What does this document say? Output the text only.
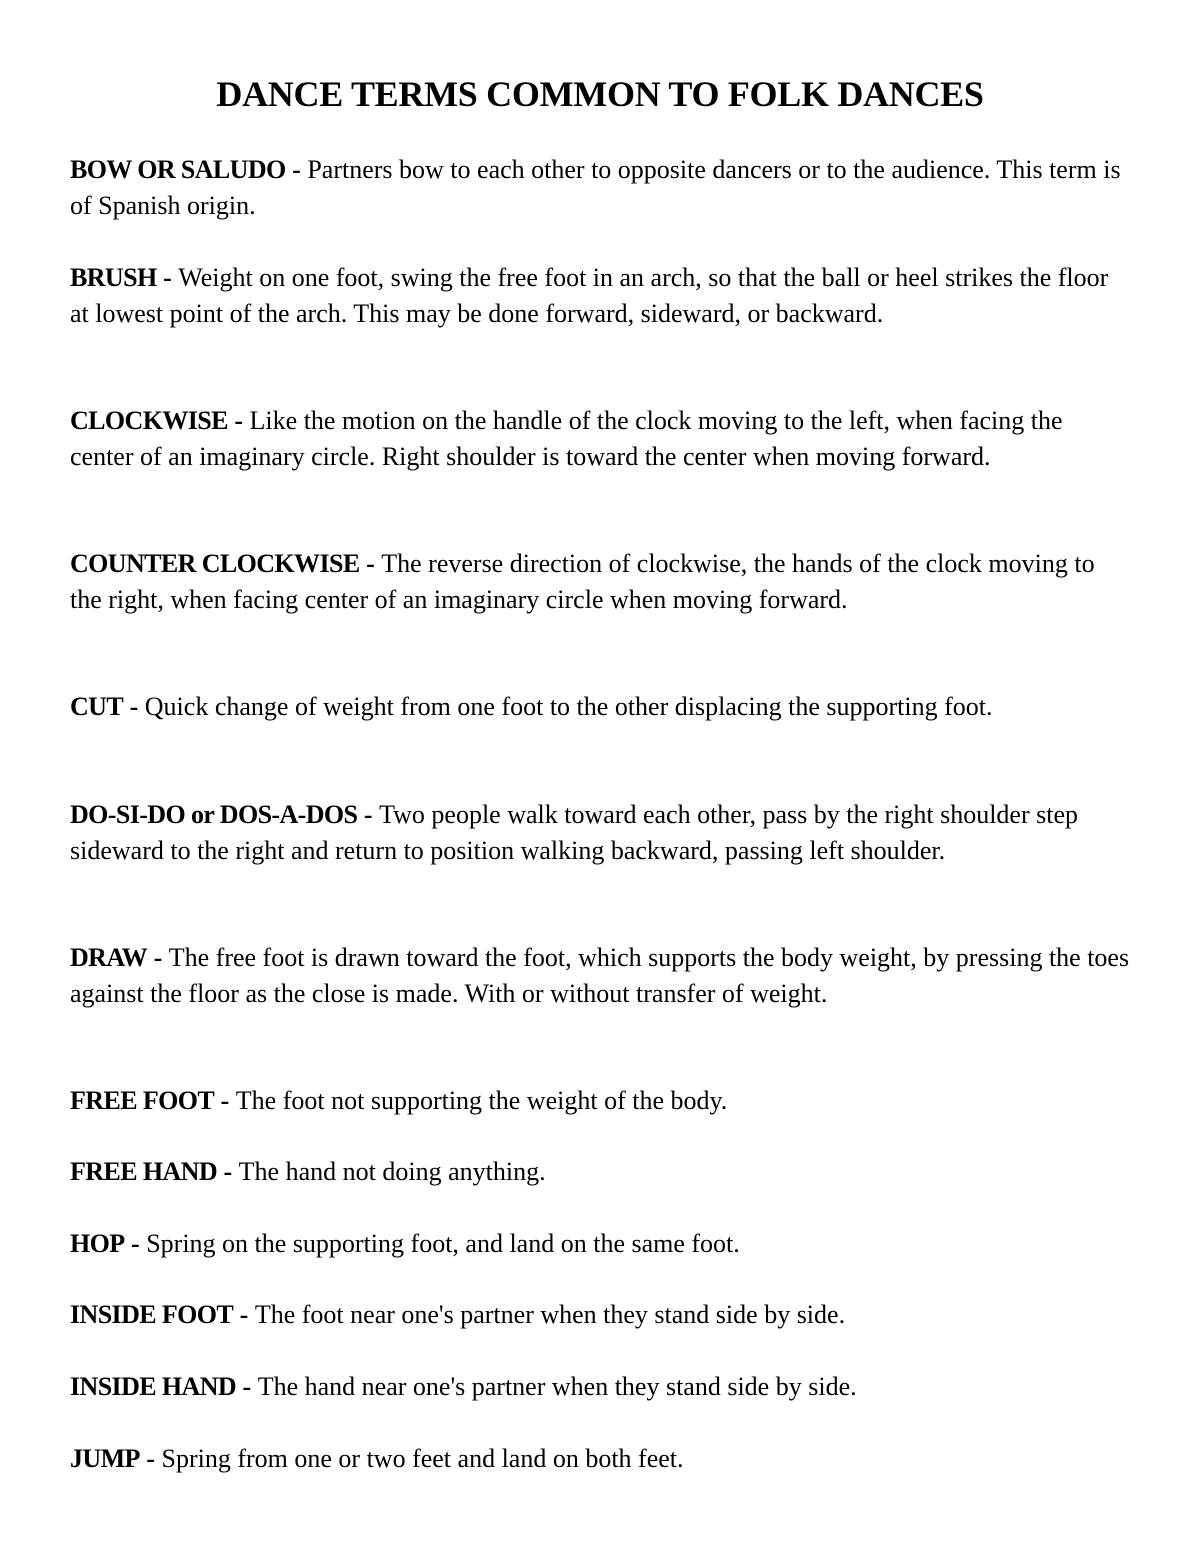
DANCE TERMS COMMON TO FOLK DANCES

BOW OR SALUDO - Partners bow to each other to opposite dancers or to the audience. This term is of Spanish origin.

BRUSH - Weight on one foot, swing the free foot in an arch, so that the ball or heel strikes the floor at lowest point of the arch. This may be done forward, sideward, or backward.

CLOCKWISE - Like the motion on the handle of the clock moving to the left, when facing the center of an imaginary circle. Right shoulder is toward the center when moving forward.

COUNTER CLOCKWISE - The reverse direction of clockwise, the hands of the clock moving to the right, when facing center of an imaginary circle when moving forward.

CUT - Quick change of weight from one foot to the other displacing the supporting foot.

DO-SI-DO or DOS-A-DOS - Two people walk toward each other, pass by the right shoulder step sideward to the right and return to position walking backward, passing left shoulder.

DRAW - The free foot is drawn toward the foot, which supports the body weight, by pressing the toes against the floor as the close is made. With or without transfer of weight.

FREE FOOT - The foot not supporting the weight of the body.

FREE HAND - The hand not doing anything.

HOP - Spring on the supporting foot, and land on the same foot.

INSIDE FOOT - The foot near one's partner when they stand side by side.

INSIDE HAND - The hand near one's partner when they stand side by side.

JUMP - Spring from one or two feet and land on both feet.
